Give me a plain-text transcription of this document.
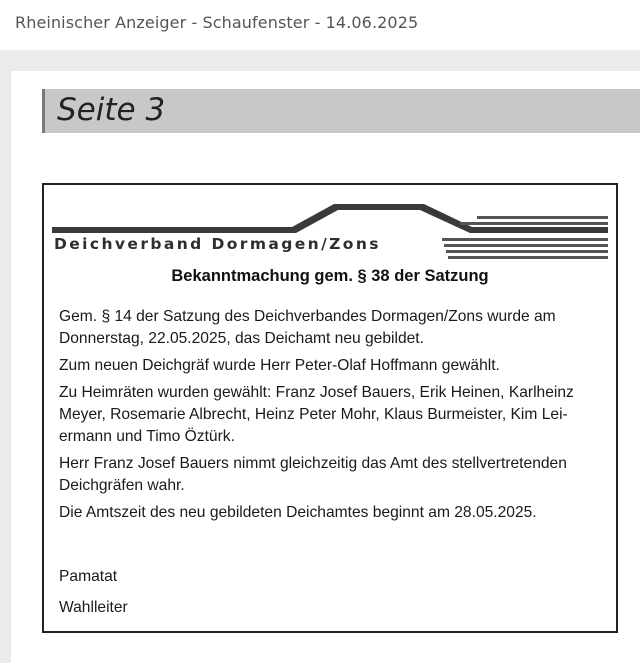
Rheinischer Anzeiger - Schaufenster - 14.06.2025
Seite 3
Deichverband Dormagen/Zons
Bekanntmachung gem. § 38 der Satzung

Gem. § 14 der Satzung des Deichverbandes Dormagen/Zons wurde am Donnerstag, 22.05.2025, das Deichamt neu gebildet.

Zum neuen Deichgräf wurde Herr Peter-Olaf Hoffmann gewählt.

Zu Heimräten wurden gewählt: Franz Josef Bauers, Erik Heinen, Karlheinz Meyer, Rosemarie Albrecht, Heinz Peter Mohr, Klaus Burmeister, Kim Leiermann und Timo Öztürk.

Herr Franz Josef Bauers nimmt gleichzeitig das Amt des stellvertretenden Deichgräfen wahr.

Die Amtszeit des neu gebildeten Deichamtes beginnt am 28.05.2025.

Pamatat
Wahlleiter
